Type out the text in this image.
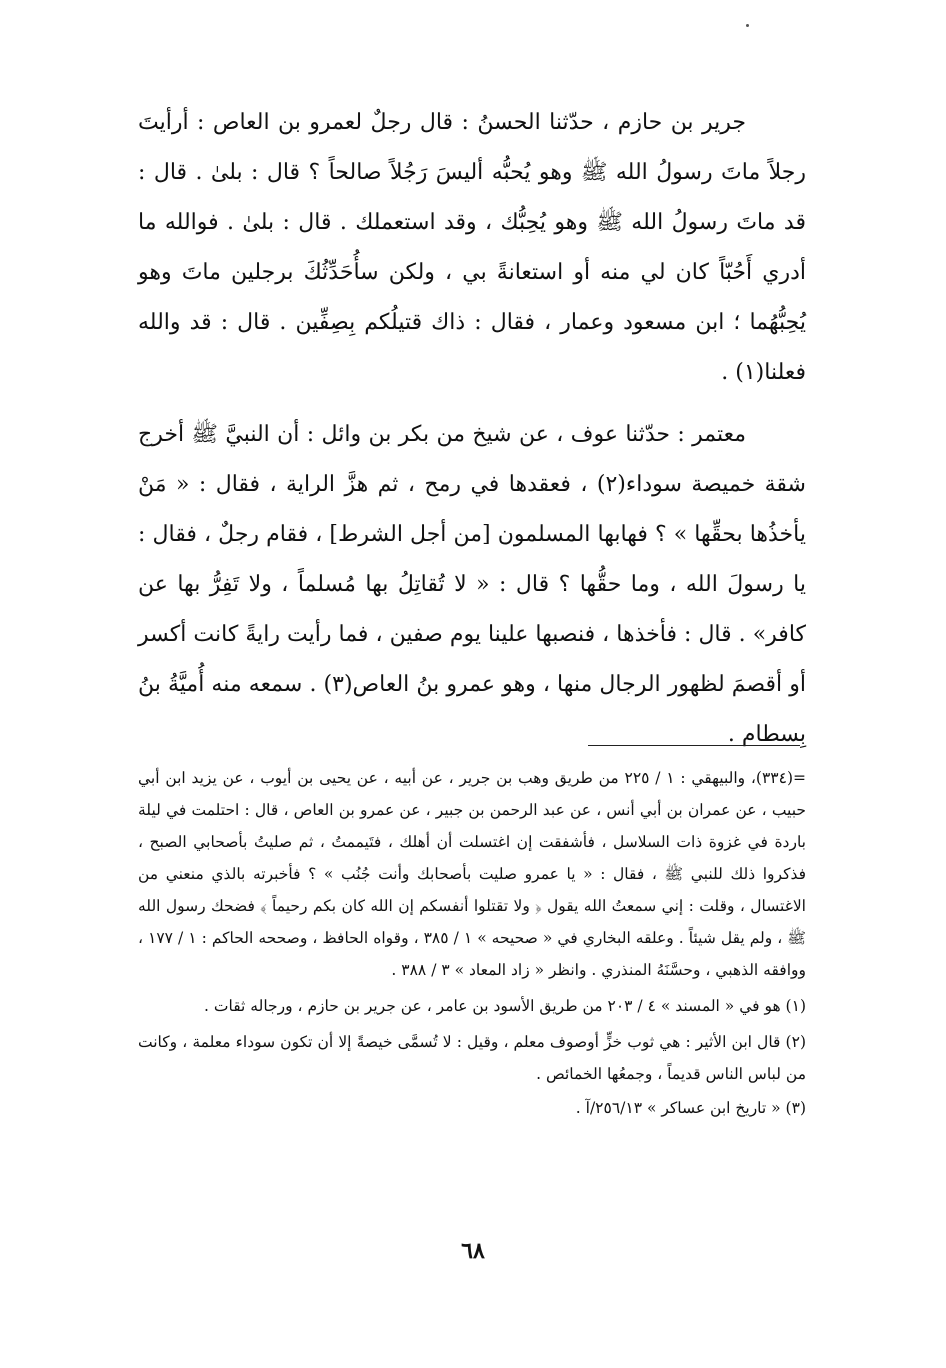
جرير بن حازم ، حدّثنا الحسنُ : قال رجلٌ لعمرو بن العاص : أرأيتَ رجلاً ماتَ رسولُ الله ﷺ وهو يُحبُّه أليسَ رَجُلاً صالحاً ؟ قال : بلىٰ . قال : قد ماتَ رسولُ الله ﷺ وهو يُحِبُّك ، وقد استعملك . قال : بلىٰ . فوالله ما أدري أَحُبّاً كان لي منه أو استعانةً بي ، ولكن سأُحَدِّثُكَ برجلين ماتَ وهو يُحِبُّهُما ؛ ابن مسعود وعمار ، فقال : ذاك قتيلُكم بِصِفِّين . قال : قد والله فعلنا(١) .

معتمر : حدّثنا عوف ، عن شيخ من بكر بن وائل : أن النبيَّ ﷺ أخرج شقة خميصة سوداء(٢) ، فعقدها في رمح ، ثم هزَّ الراية ، فقال : « مَنْ يأخذُها بحقِّها » ؟ فهابها المسلمون [من أجل الشرط] ، فقام رجلٌ ، فقال : يا رسولَ الله ، وما حقُّها ؟ قال : « لا تُقاتِلُ بها مُسلماً ، ولا تَفِرُّ بها عن كافر» . قال : فأخذها ، فنصبها علينا يوم صفين ، فما رأيت رايةً كانت أكسر أو أقصمَ لظهور الرجال منها ، وهو عمرو بنُ العاص(٣) . سمعه منه أُميَّةُ بنُ بِسطام .

=(٣٣٤)، والبيهقي : ١ / ٢٢٥ من طريق وهب بن جرير ، عن أبيه ، عن يحيى بن أيوب ، عن يزيد ابن أبي حبيب ، عن عمران بن أبي أنس ، عن عبد الرحمن بن جبير ، عن عمرو بن العاص ، قال : احتلمت في ليلة باردة في غزوة ذات السلاسل ، فأشفقت إن اغتسلت أن أهلك ، فتَيممتُ ، ثم صليتُ بأصحابي الصبح ، فذكروا ذلك للنبي ﷺ ، فقال : « يا عمرو صليت بأصحابك وأنت جُنُب » ؟ فأخبرته بالذي منعني من الاغتسال ، وقلت : إني سمعتُ الله يقول ﴿ ولا تقتلوا أنفسكم إن الله كان بكم رحيماً ﴾ فضحك رسول الله ﷺ ، ولم يقل شيئاً . وعلقه البخاري في « صحيحه » ١ / ٣٨٥ ، وقواه الحافظ ، وصححه الحاكم : ١ / ١٧٧ ، ووافقه الذهبي ، وحسَّنَهُ المنذري . وانظر « زاد المعاد » ٣ / ٣٨٨ .

(١) هو في « المسند » ٤ / ٢٠٣ من طريق الأسود بن عامر ، عن جرير بن حازم ، ورجاله ثقات .

(٢) قال ابن الأثير : هي ثوب خزٍّ أوصوف معلم ، وقيل : لا تُسمَّى خيصةً إلا أن تكون سوداء معلمة ، وكانت من لباس الناس قديماً ، وجمعُها الخمائص .

(٣) « تاريخ ابن عساكر » ٢٥٦/١٣/آ .

٦٨
